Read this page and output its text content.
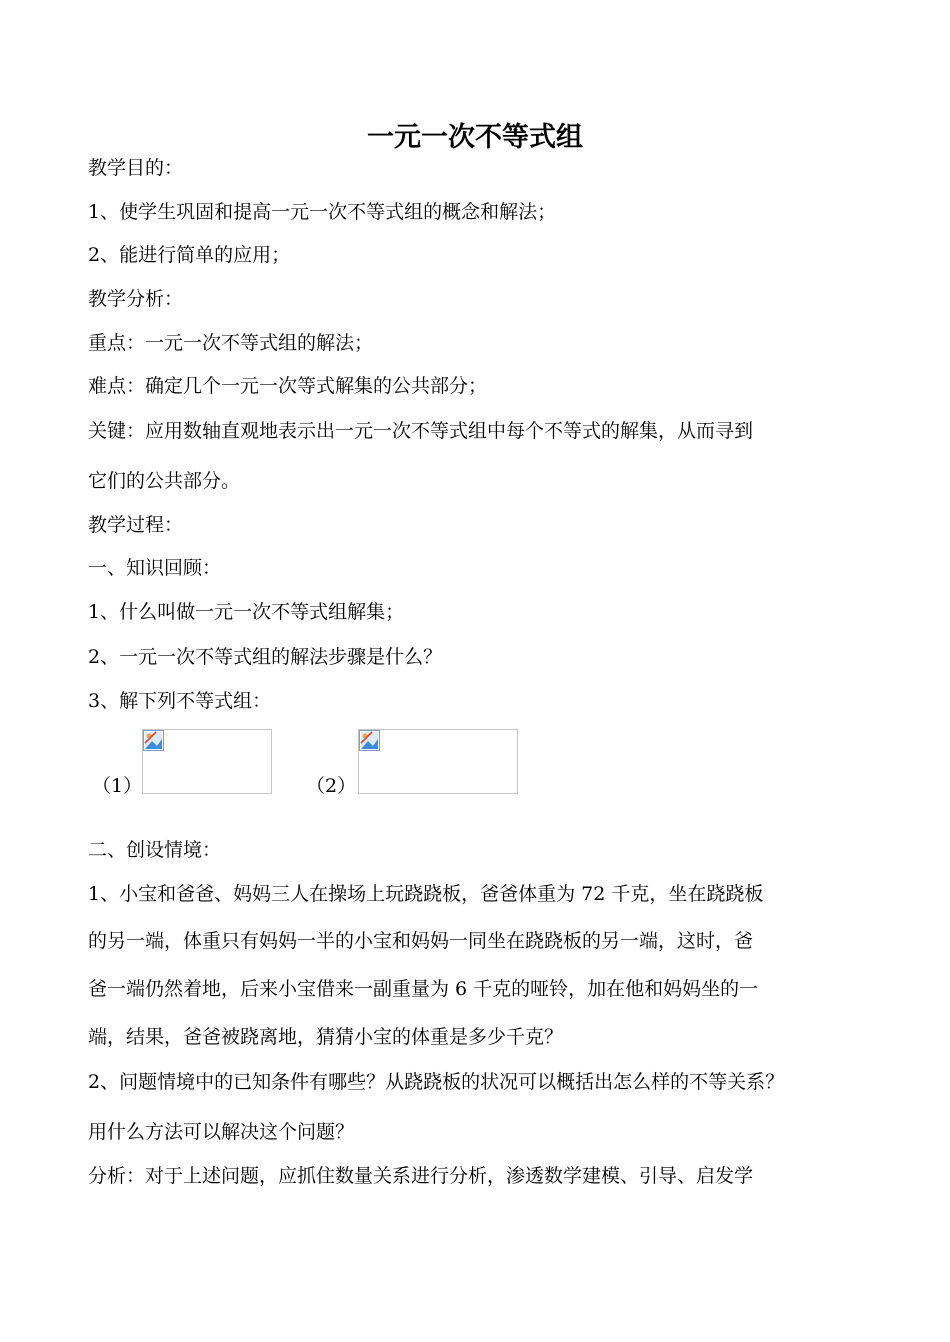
一元一次不等式组
教学目的：
1、使学生巩固和提高一元一次不等式组的概念和解法；
2、能进行简单的应用；
教学分析：
重点：一元一次不等式组的解法；
难点：确定几个一元一次等式解集的公共部分；
关键：应用数轴直观地表示出一元一次不等式组中每个不等式的解集，从而寻到
它们的公共部分。
教学过程：
一、知识回顾：
1、什么叫做一元一次不等式组解集；
2、一元一次不等式组的解法步骤是什么？
3、解下列不等式组：
（1）	（2）
二、创设情境：
1、小宝和爸爸、妈妈三人在操场上玩跷跷板，爸爸体重为 72 千克，坐在跷跷板
的另一端，体重只有妈妈一半的小宝和妈妈一同坐在跷跷板的另一端，这时，爸
爸一端仍然着地，后来小宝借来一副重量为 6 千克的哑铃，加在他和妈妈坐的一
端，结果，爸爸被跷离地，猜猜小宝的体重是多少千克？
2、问题情境中的已知条件有哪些？从跷跷板的状况可以概括出怎么样的不等关系？
用什么方法可以解决这个问题？
分析：对于上述问题，应抓住数量关系进行分析，渗透数学建模、引导、启发学
